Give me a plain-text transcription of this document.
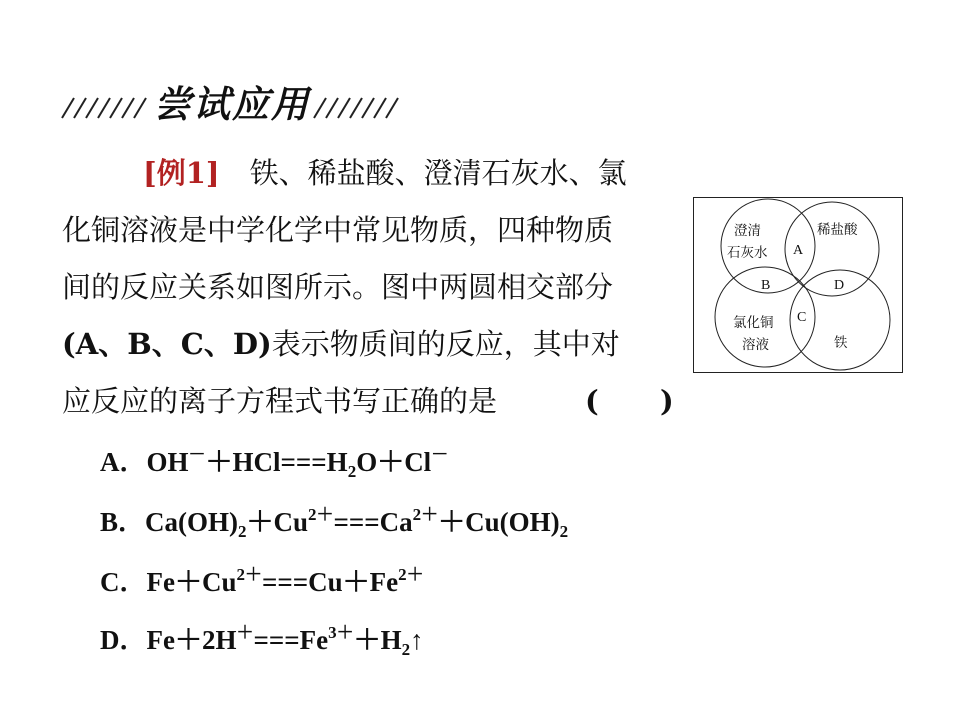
尝试应用
[例1] 铁、稀盐酸、澄清石灰水、氯
化铜溶液是中学化学中常见物质，四种物质
间的反应关系如图所示。图中两圆相交部分
(A、B、C、D)表示物质间的反应，其中对
应反应的离子方程式书写正确的是	( )
A．$OH^-+HCl===H_2O+Cl^-$
B．$Ca(OH)_2+Cu^{2+}===Ca^{2+}+Cu(OH)_2$
C．$Fe+Cu^{2+}===Cu+Fe^{2+}$
D．$Fe+2H^+===Fe^{3+}+H_2↑$
澄清
石灰水
稀盐酸
氯化铜
溶液	铁
A
B
C
D
